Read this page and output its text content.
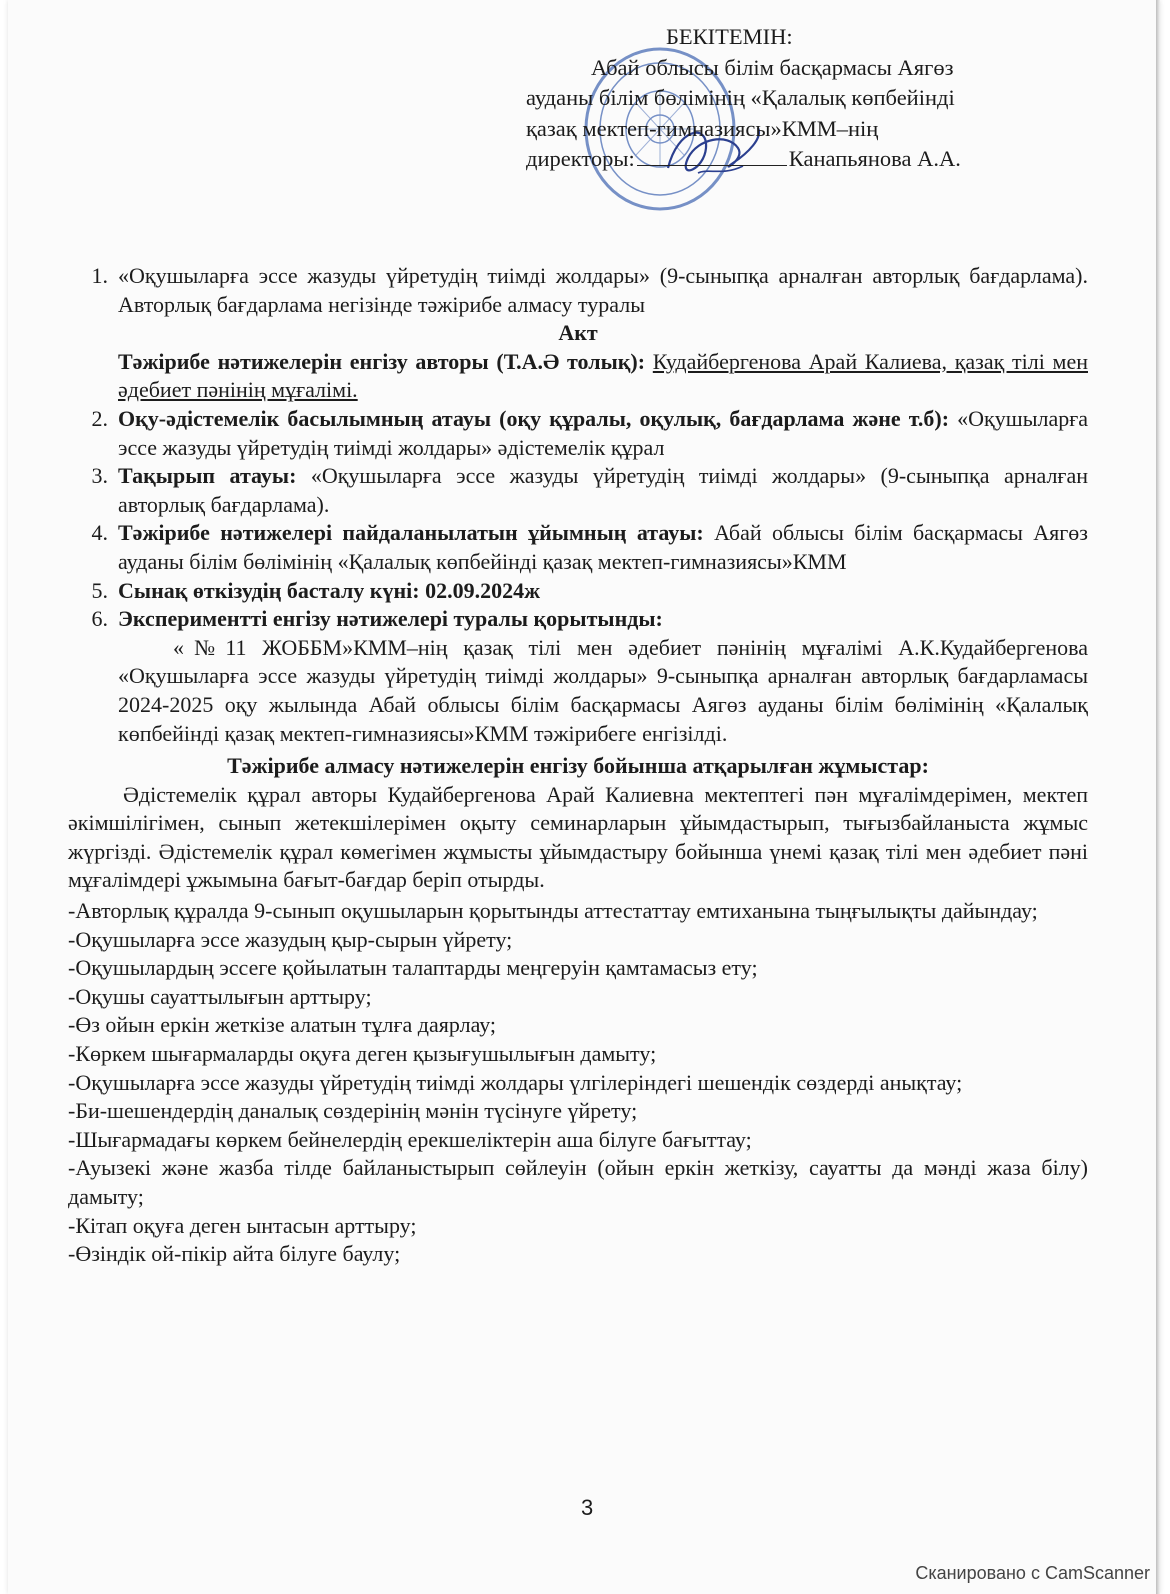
БЕКІТЕМІН:
Абай облысы білім басқармасы Аягөз
ауданы білім бөлімінің «Қалалық көпбейінді
қазақ мектеп-гимназиясы»КММ–нің
директоры:	Канапьянова А.А.
1. «Оқушыларға эссе жазуды үйретудің тиімді жолдары» (9-сыныпқа арналған авторлық бағдарлама). Авторлық бағдарлама негізінде тәжірибе алмасу туралы
Акт
Тәжірибе нәтижелерін енгізу авторы (Т.А.Ә толық): Кудайбергенова Арай Калиева, қазақ тілі мен әдебиет пәнінің мұғалімі.
2. Оқу-әдістемелік басылымның атауы (оқу құралы, оқулық, бағдарлама және т.б): «Оқушыларға эссе жазуды үйретудің тиімді жолдары» әдістемелік құрал
3. Тақырып атауы: «Оқушыларға эссе жазуды үйретудің тиімді жолдары» (9-сыныпқа арналған авторлық бағдарлама).
4. Тәжірибе нәтижелері пайдаланылатын ұйымның атауы: Абай облысы білім басқармасы Аягөз ауданы білім бөлімінің «Қалалық көпбейінді қазақ мектеп-гимназиясы»КММ
5. Сынақ өткізудің басталу күні: 02.09.2024ж
6. Экспериментті енгізу нәтижелері туралы қорытынды:
«№11 ЖОББМ»КММ–нің қазақ тілі мен әдебиет пәнінің мұғалімі А.К.Кудайбергенова «Оқушыларға эссе жазуды үйретудің тиімді жолдары» 9-сыныпқа арналған авторлық бағдарламасы 2024-2025 оқу жылында Абай облысы білім басқармасы Аягөз ауданы білім бөлімінің «Қалалық көпбейінді қазақ мектеп-гимназиясы»КММ тәжірибеге енгізілді.
Тәжірибе алмасу нәтижелерін енгізу бойынша атқарылған жұмыстар:
Әдістемелік құрал авторы Кудайбергенова Арай Калиевна мектептегі пән мұғалімдерімен, мектеп әкімшілігімен, сынып жетекшілерімен оқыту семинарларын ұйымдастырып, тығызбайланыста жұмыс жүргізді. Әдістемелік құрал көмегімен жұмысты ұйымдастыру бойынша үнемі қазақ тілі мен әдебиет пәні мұғалімдері ұжымына бағыт-бағдар беріп отырды.
-Авторлық құралда 9-сынып оқушыларын қорытынды аттестаттау емтиханына тыңғылықты дайындау;
-Оқушыларға эссе жазудың қыр-сырын үйрету;
-Оқушылардың эссеге қойылатын талаптарды меңгеруін қамтамасыз ету;
-Оқушы сауаттылығын арттыру;
-Өз ойын еркін жеткізе алатын тұлға даярлау;
-Көркем шығармаларды оқуға деген қызығушылығын дамыту;
-Оқушыларға эссе жазуды үйретудің тиімді жолдары үлгілеріндегі шешендік сөздерді анықтау;
-Би-шешендердің даналық сөздерінің мәнін түсінуге үйрету;
-Шығармадағы көркем бейнелердің ерекшеліктерін аша білуге бағыттау;
-Ауызекі және жазба тілде байланыстырып сөйлеуін (ойын еркін жеткізу, сауатты да мәнді жаза білу) дамыту;
-Кітап оқуға деген ынтасын арттыру;
-Өзіндік ой-пікір айта білуге баулу;
3
Сканировано с CamScanner
